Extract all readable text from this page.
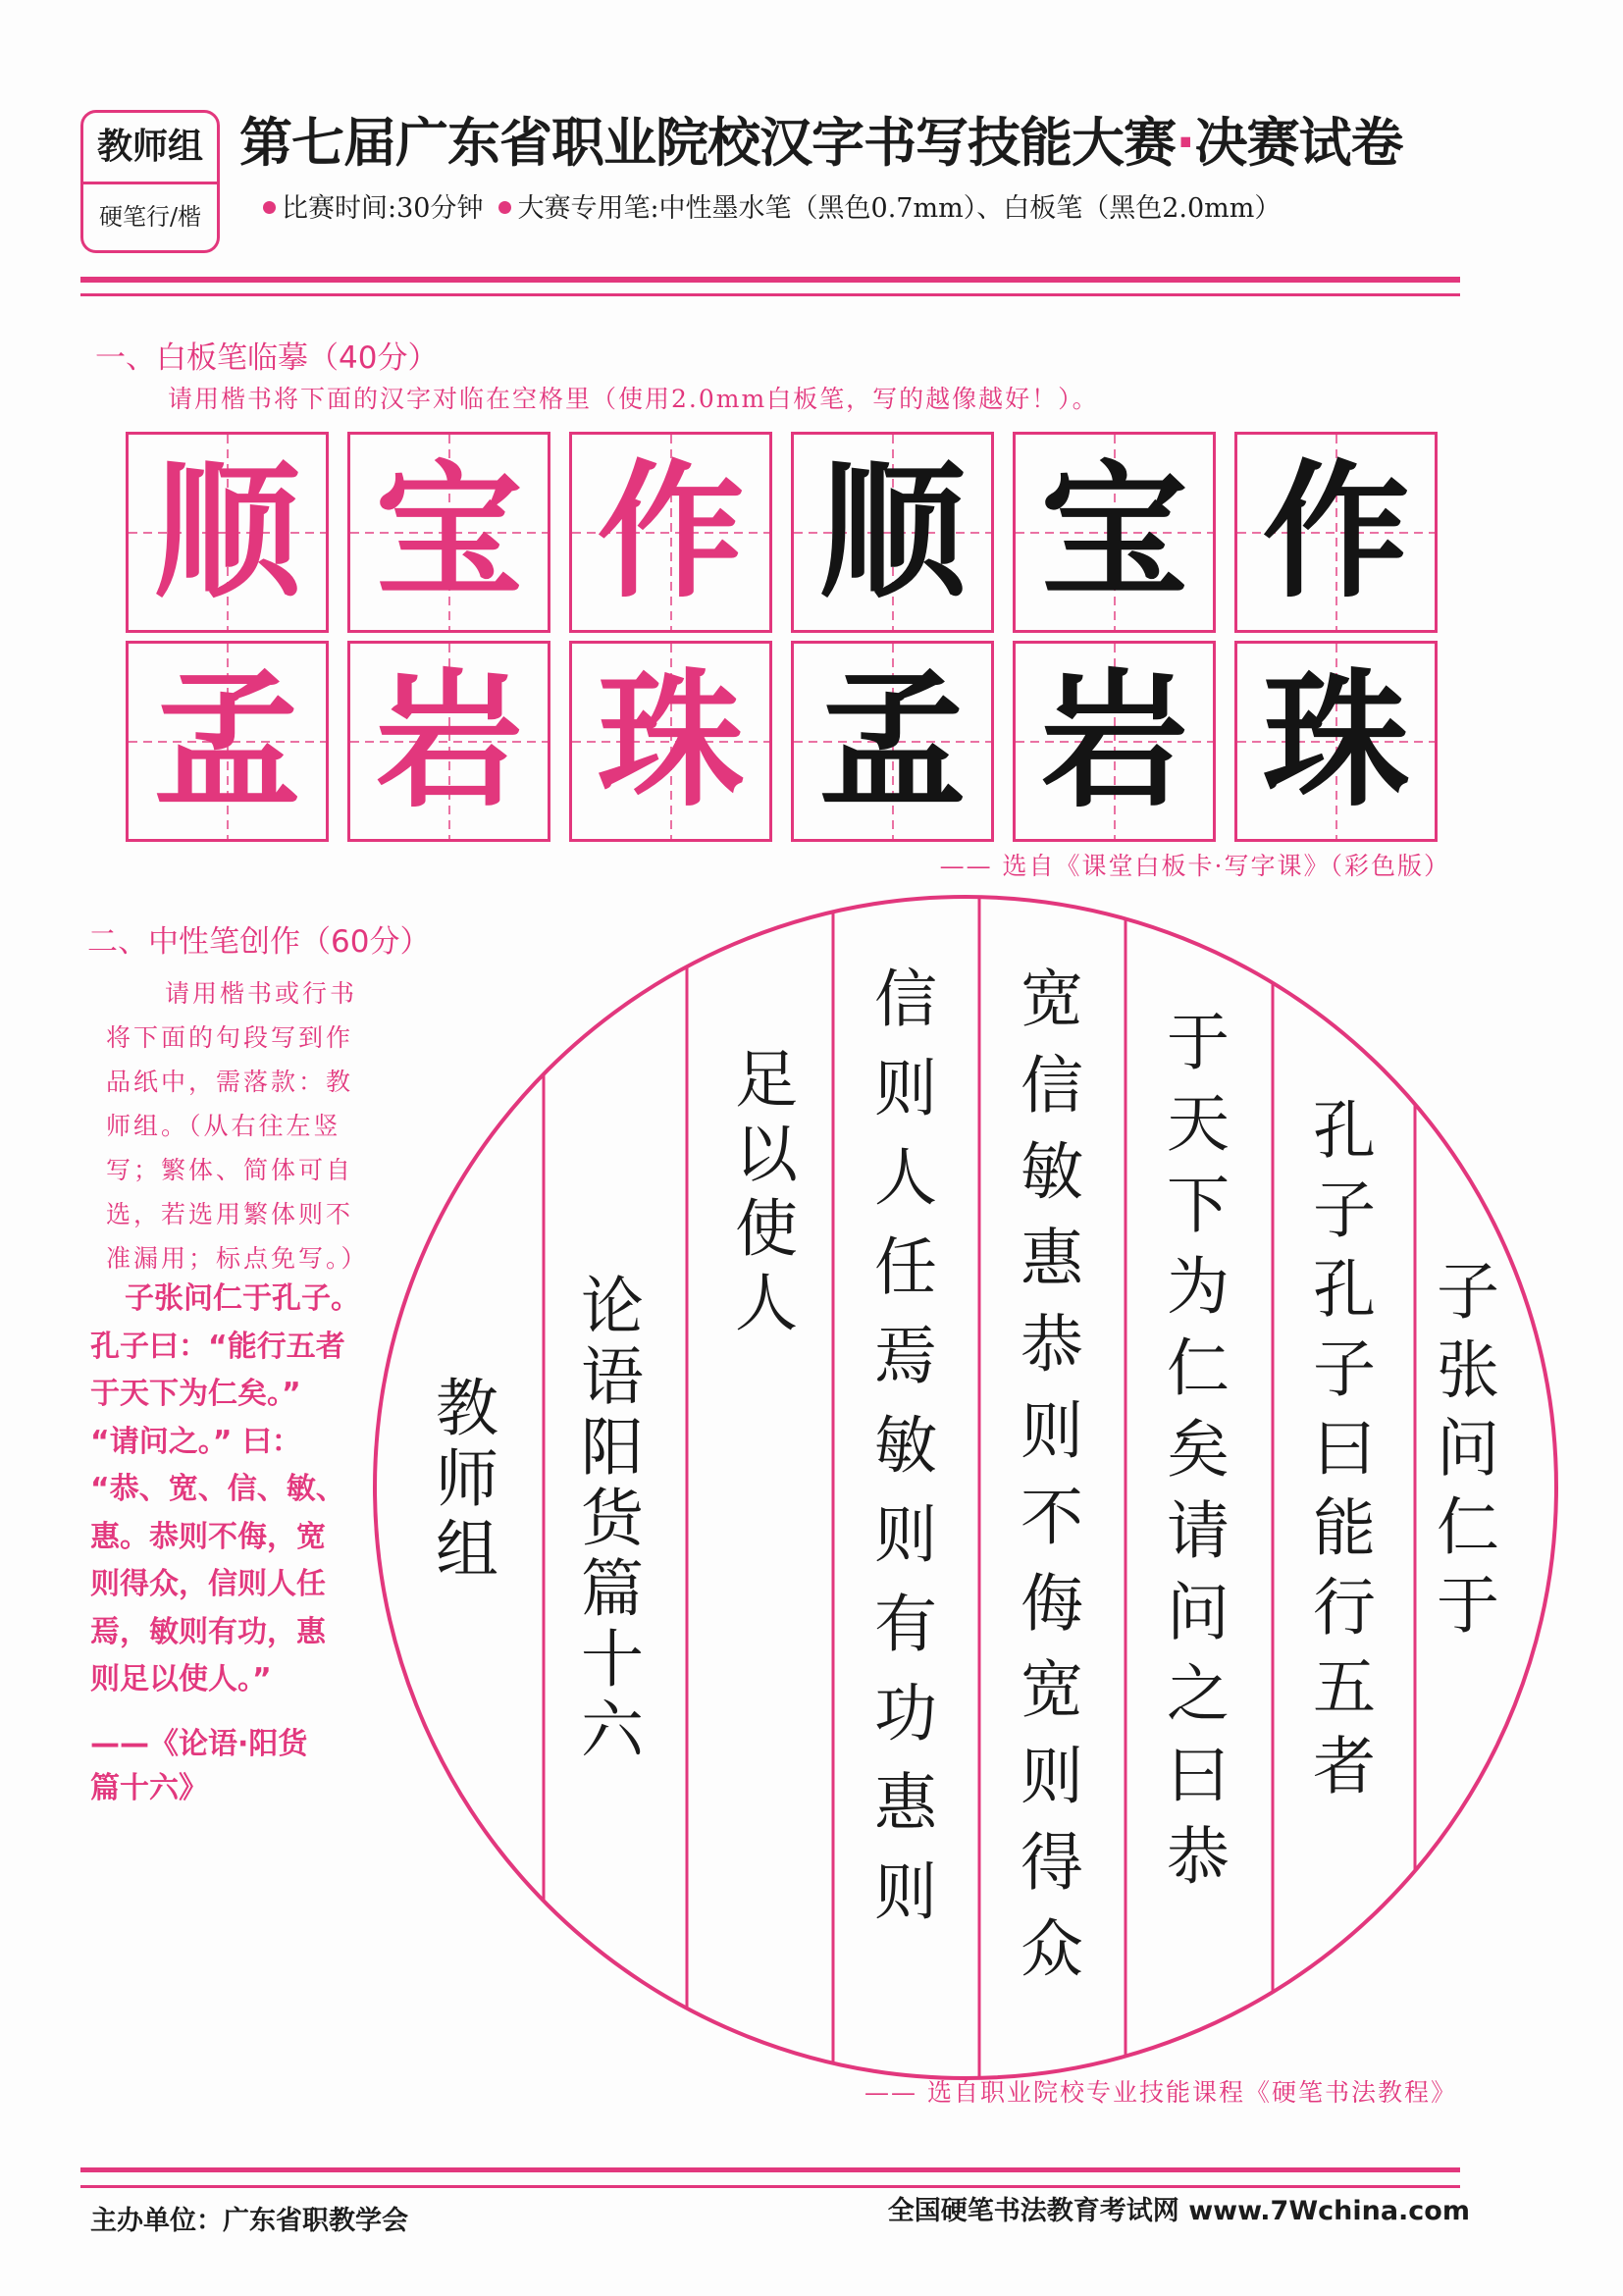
教师组
硬笔行/楷
第七届广东省职业院校汉字书写技能大赛·决赛试卷
比赛时间:30分钟 大赛专用笔:中性墨水笔（黑色0.7mm）、白板笔（黑色2.0mm）
一、白板笔临摹（40分）
请用楷书将下面的汉字对临在空格里（使用2.0mm白板笔，写的越像越好！）。
顺 宝 作 顺 宝 作
孟 岩 珠 孟 岩 珠
—— 选自《课堂白板卡·写字课》（彩色版）
二、中性笔创作（60分）
请用楷书或行书
将下面的句段写到作
品纸中，需落款：教
师组。（从右往左竖
写；繁体、简体可自
选，若选用繁体则不
准漏用；标点免写。）
子张问仁于孔子。
孔子曰：“能行五者
于天下为仁矣。”
“请问之。” 曰：
“恭、宽、信、敏、
惠。恭则不侮，宽
则得众，信则人任
焉，敏则有功，惠
则足以使人。”
——《论语·阳货
篇十六》
子张问仁于
孔子孔子曰能行五者
于天下为仁矣请问之曰恭
宽信敏惠恭则不侮宽则得众
信则人任焉敏则有功惠则
足以使人
论语阳货篇十六
教师组
—— 选自职业院校专业技能课程《硬笔书法教程》
主办单位：广东省职教学会	全国硬笔书法教育考试网 www.7Wchina.com
